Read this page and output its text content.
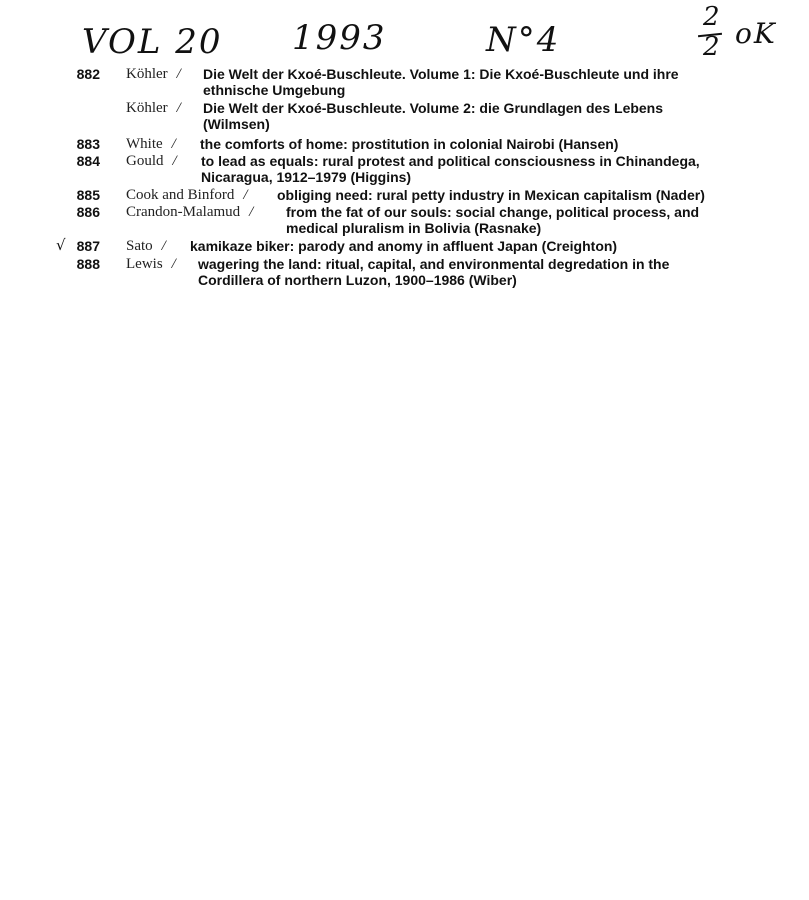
VOL 20 1993	N°4
2
2 oK
882 Köhler /	Die Welt der Kxoé-Buschleute. Volume 1: Die Kxoé-Buschleute und ihre ethnische Umgebung
Köhler /	Die Welt der Kxoé-Buschleute. Volume 2: die Grundlagen des Lebens (Wilmsen)
883 White /	the comforts of home: prostitution in colonial Nairobi (Hansen)
884 Gould /	to lead as equals: rural protest and political consciousness in Chinandega, Nicaragua, 1912–1979 (Higgins)
885 Cook and Binford /	obliging need: rural petty industry in Mexican capitalism (Nader)
886 Crandon-Malamud /	from the fat of our souls: social change, political process, and medical pluralism in Bolivia (Rasnake)
√ 887 Sato /	kamikaze biker: parody and anomy in affluent Japan (Creighton)
888 Lewis /	wagering the land: ritual, capital, and environmental degredation in the Cordillera of northern Luzon, 1900–1986 (Wiber)
